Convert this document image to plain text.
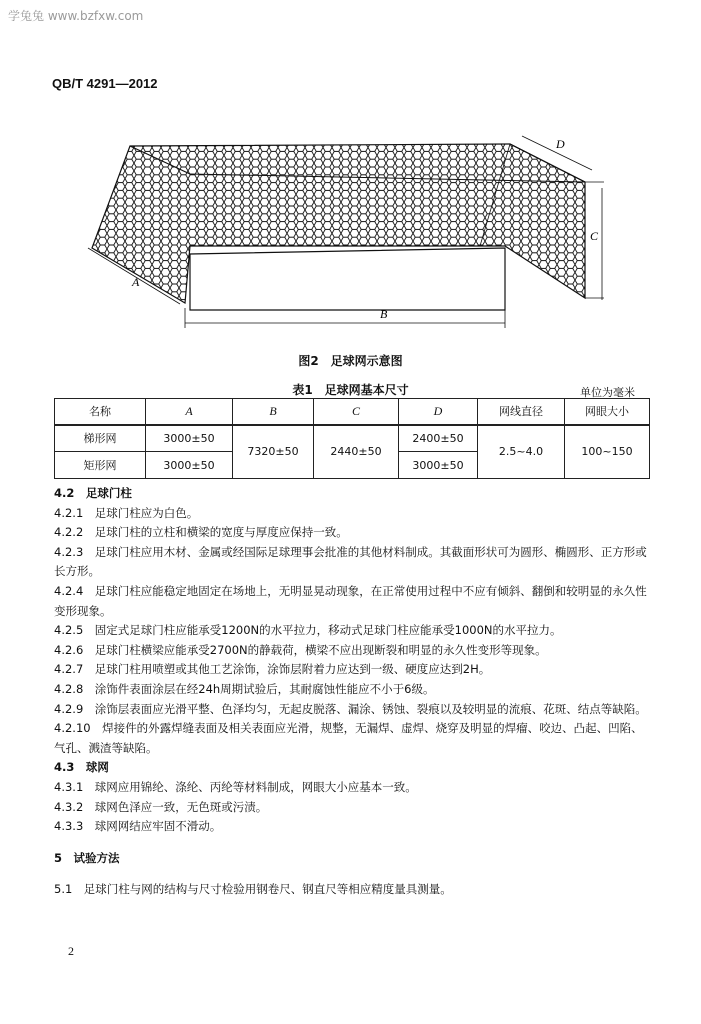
学兔兔 www.bzfxw.com
QB/T 4291—2012
A
B
C
D
图2　足球网示意图
表1　足球网基本尺寸	单位为毫米
名称	A	B	C	D	网线直径	网眼大小
梯形网	3000±50	7320±50	2440±50	2400±50	2.5~4.0	100~150
矩形网	3000±50			3000±50		

4.2　足球门柱

4.2.1　足球门柱应为白色。

4.2.2　足球门柱的立柱和横梁的宽度与厚度应保持一致。

4.2.3　足球门柱应用木材、金属或经国际足球理事会批准的其他材料制成。其截面形状可为圆形、椭圆形、正方形或长方形。

4.2.4　足球门柱应能稳定地固定在场地上，无明显晃动现象，在正常使用过程中不应有倾斜、翻倒和较明显的永久性变形现象。

4.2.5　固定式足球门柱应能承受1200N的水平拉力，移动式足球门柱应能承受1000N的水平拉力。

4.2.6　足球门柱横梁应能承受2700N的静载荷，横梁不应出现断裂和明显的永久性变形等现象。

4.2.7　足球门柱用喷塑或其他工艺涂饰，涂饰层附着力应达到一级、硬度应达到2H。

4.2.8　涂饰件表面涂层在经24h周期试验后，其耐腐蚀性能应不小于6级。

4.2.9　涂饰层表面应光滑平整、色泽均匀，无起皮脱落、漏涂、锈蚀、裂痕以及较明显的流痕、花斑、结点等缺陷。

4.2.10　焊接件的外露焊缝表面及相关表面应光滑，规整，无漏焊、虚焊、烧穿及明显的焊瘤、咬边、凸起、凹陷、气孔、溅渣等缺陷。

4.3　球网

4.3.1　球网应用锦纶、涤纶、丙纶等材料制成，网眼大小应基本一致。

4.3.2　球网色泽应一致，无色斑或污渍。

4.3.3　球网网结应牢固不滑动。

5　试验方法

5.1　足球门柱与网的结构与尺寸检验用钢卷尺、钢直尺等相应精度量具测量。

2
